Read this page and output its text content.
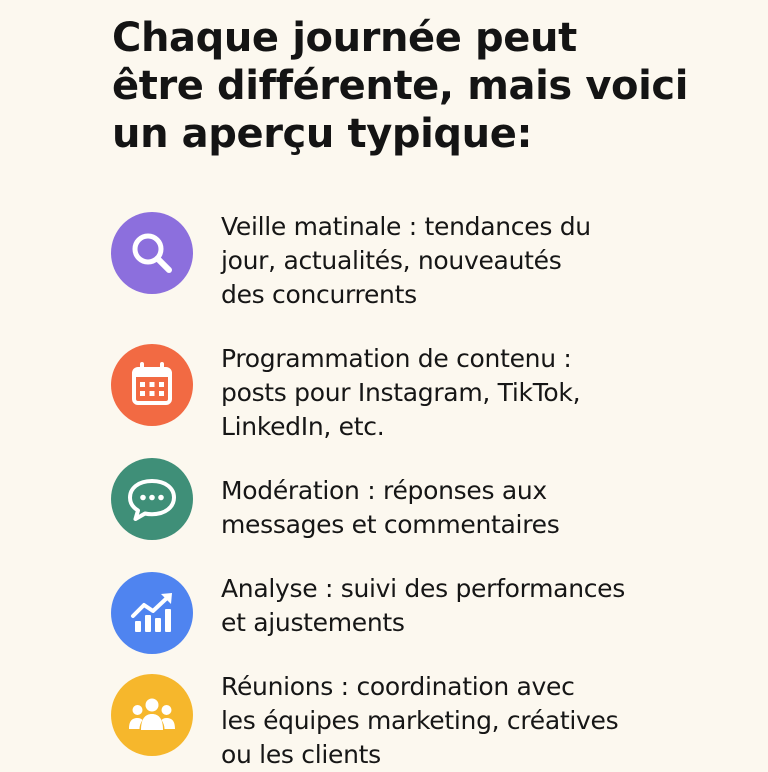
Chaque journée peut
être différente, mais voici
un aperçu typique:
Veille matinale : tendances du
jour, actualités, nouveautés
des concurrents
Programmation de contenu :
posts pour Instagram, TikTok,
LinkedIn, etc.
Modération : réponses aux
messages et commentaires
Analyse : suivi des performances
et ajustements
Réunions : coordination avec
les équipes marketing, créatives
ou les clients
